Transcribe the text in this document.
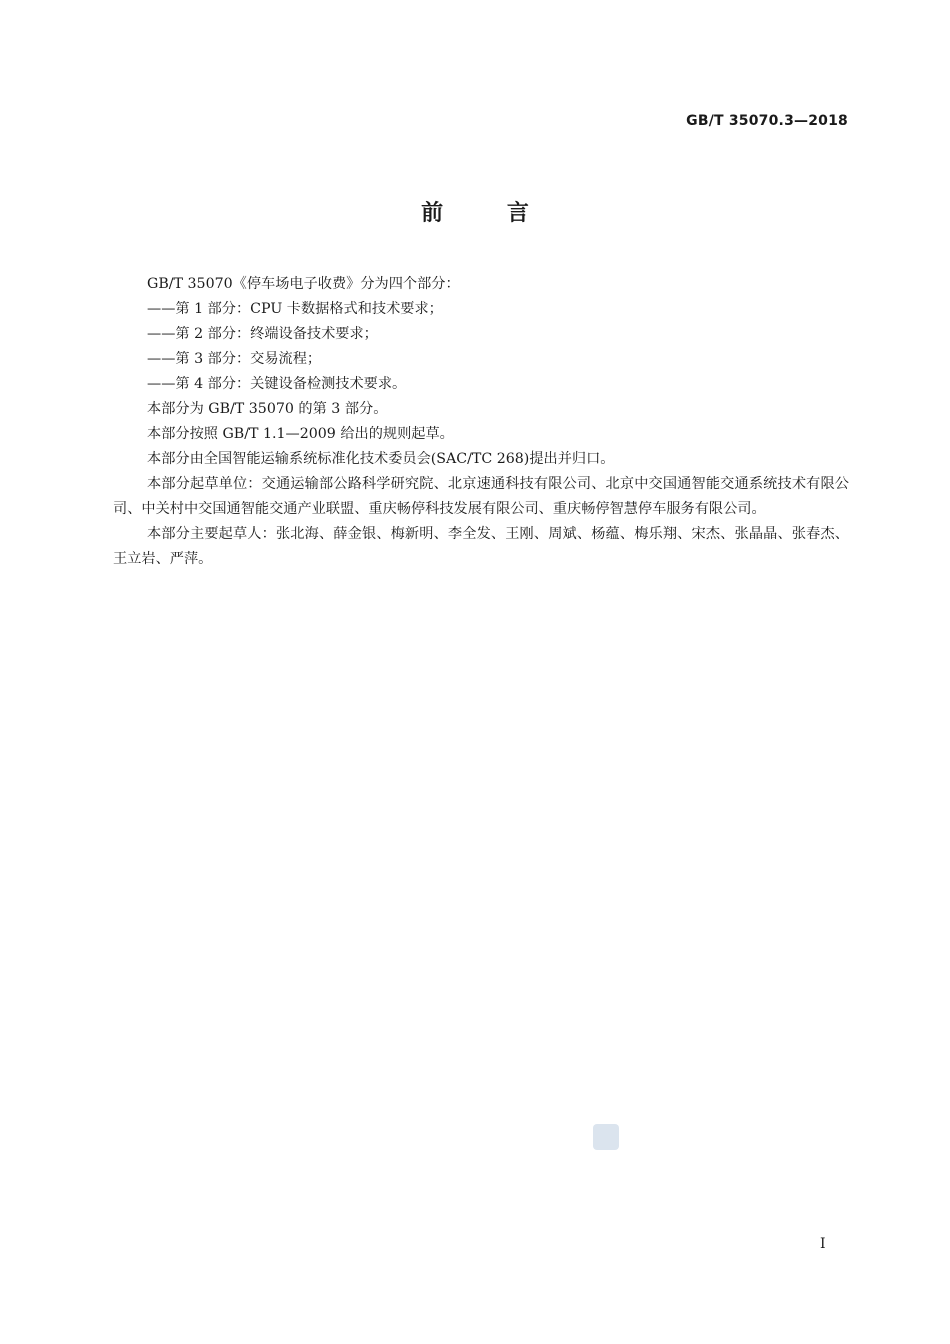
GB/T 35070.3—2018
前 言

GB/T 35070《停车场电子收费》分为四个部分：

——第 1 部分：CPU 卡数据格式和技术要求；

——第 2 部分：终端设备技术要求；

——第 3 部分：交易流程；

——第 4 部分：关键设备检测技术要求。

本部分为 GB/T 35070 的第 3 部分。

本部分按照 GB/T 1.1—2009 给出的规则起草。

本部分由全国智能运输系统标准化技术委员会(SAC/TC 268)提出并归口。

本部分起草单位：交通运输部公路科学研究院、北京速通科技有限公司、北京中交国通智能交通系统技术有限公司、中关村中交国通智能交通产业联盟、重庆畅停科技发展有限公司、重庆畅停智慧停车服务有限公司。

本部分主要起草人：张北海、薛金银、梅新明、李全发、王刚、周斌、杨蕴、梅乐翔、宋杰、张晶晶、张春杰、王立岩、严萍。

I
